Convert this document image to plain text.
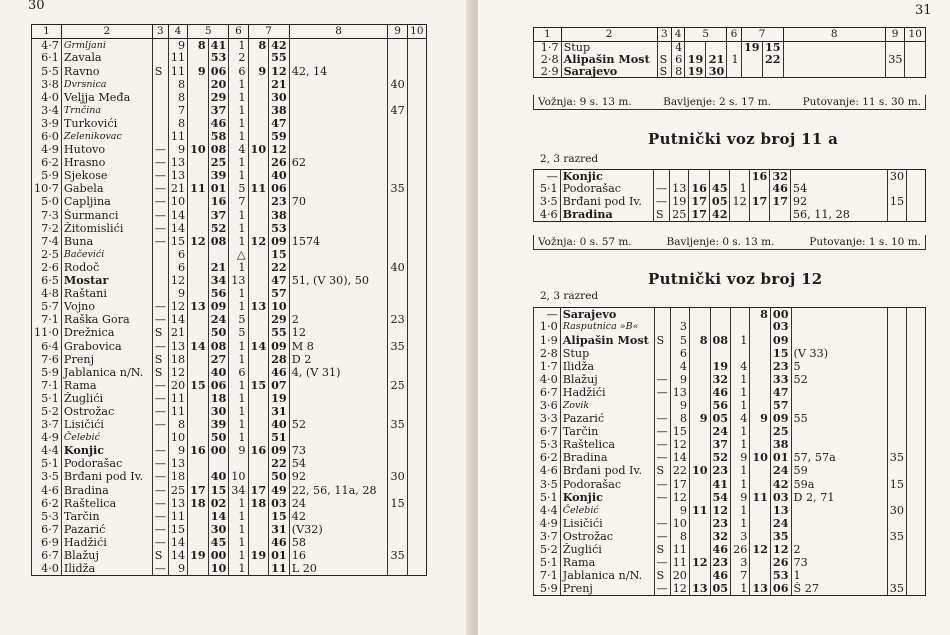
30
1	2	3	4	5		6	7		8	9	10
4·7	Grmljani		9	8	41	1	8	42			
6·1	Zavala		11		53	2		55			
5·5	Ravno	S	11	9	06	6	9	12	42, 14		
3·8	Dvrsnica		8		20	1		21		40	
4·0	Veljja Međa		8		29	1		30			
3·4	Trnčina		7		37	1		38		47	
3·9	Turkovići		8		46	1		47			
6·0	Zelenikovac		11		58	1		59			
4·9	Hutovo	—	9	10	08	4	10	12			
6·2	Hrasno	—	13		25	1		26	62		
5·9	Sjekose	—	13		39	1		40			
10·7	Gabela	—	21	11	01	5	11	06		35	
5·0	Čapljina	—	10		16	7		23	70		
7·3	Šurmanci	—	14		37	1		38			
7·2	Žitomislići	—	14		52	1		53			
7·4	Buna	—	15	12	08	1	12	09	1574		
2·5	Bačevići		6			△		15			
2·6	Rodoč		6		21	1		22		40	
6·5	Mostar		12		34	13		47	51, (V 30), 50		
4·8	Raštani		9		56	1		57			
5·7	Vojno	—	12	13	09	1	13	10			
7·1	Raška Gora	—	14		24	5		29	2	23	
11·0	Drežnica	S	21		50	5		55	12		
6·4	Grabovica	—	13	14	08	1	14	09	M 8	35	
7·6	Prenj	S	18		27	1		28	D 2		
5·9	Jablanica n/N.	S	12		40	6		46	4, (V 31)		
7·1	Rama	—	20	15	06	1	15	07		25	
5·1	Žuglići	—	11		18	1		19			
5·2	Ostrožac	—	11		30	1		31			
3·7	Lisičići	—	8		39	1		40	52	35	
4·9	Čelebić		10		50	1		51			
4·4	Konjic	—	9	16	00	9	16	09	73		
5·1	Podorašac	—	13					22	54		
3·5	Brđani pod Iv.	—	18		40	10		50	92	30	
4·6	Bradina	—	25	17	15	34	17	49	22, 56, 11a, 28		
6·2	Raštelica	—	13	18	02	1	18	03	24	15	
5·3	Tarčin	—	11		14	1		15	42		
6·7	Pazarić	—	15		30	1		31	(V32)		
6·9	Hadžići	—	14		45	1		46	58		
6·7	Blažuj	S	14	19	00	1	19	01	16	35	
4·0	Ilidža	—	9		10	1		11	L 20		
31
1	2	3	4	5		6	7		8	9	10
1·7	Stup		4				19	15			
2·8	Alipašin Most	S	6	19	21	1		22		35	
2·9	Sarajevo	S	8	19	30						
Vožnja: 9 s. 13 m.	Bavljenje: 2 s. 17 m.	Putovanje: 11 s. 30 m.
Putnički voz broj 11 a
2, 3 razred
—	Konjic						16	32		30	
5·1	Podorašac	—	13	16	45	1		46	54		
3·5	Brđani pod Iv.	—	19	17	05	12	17	17	92	15	
4·6	Bradina	S	25	17	42				56, 11, 28		
Vožnja: 0 s. 57 m.	Bavljenje: 0 s. 13 m.	Putovanje: 1 s. 10 m.
Putnički voz broj 12
2, 3 razred
—	Sarajevo						8	00			
1·0	Rasputnica »B«		3					03			
1·9	Alipašin Most	S	5	8	08	1		09			
2·8	Stup		6					15	(V 33)		
1·7	Ilidža		4		19	4		23	5		
4·0	Blažuj	—	9		32	1		33	52		
6·7	Hadžići	—	13		46	1		47			
3·6	Zovik		9		56	1		57			
3·3	Pazarić	—	8	9	05	4	9	09	55		
6·7	Tarčin	—	15		24	1		25			
5·3	Raštelica	—	12		37	1		38			
6·2	Bradina	—	14		52	9	10	01	57, 57a	35	
4·6	Brđani pod Iv.	S	22	10	23	1		24	59		
3·5	Podorašac	—	17		41	1		42	59a	15	
5·1	Konjic	—	12		54	9	11	03	D 2, 71		
4·4	Čelebić		9	11	12	1		13		30	
4·9	Lisičići	—	10		23	1		24			
3·7	Ostrožac	—	8		32	3		35		35	
5·2	Žuglići	S	11		46	26	12	12	2		
5·1	Rama	—	11	12	23	3		26	73		
7·1	Jablanica n/N.	S	20		46	7		53	1		
5·9	Prenj	—	12	13	05	1	13	06	Š 27	35	
